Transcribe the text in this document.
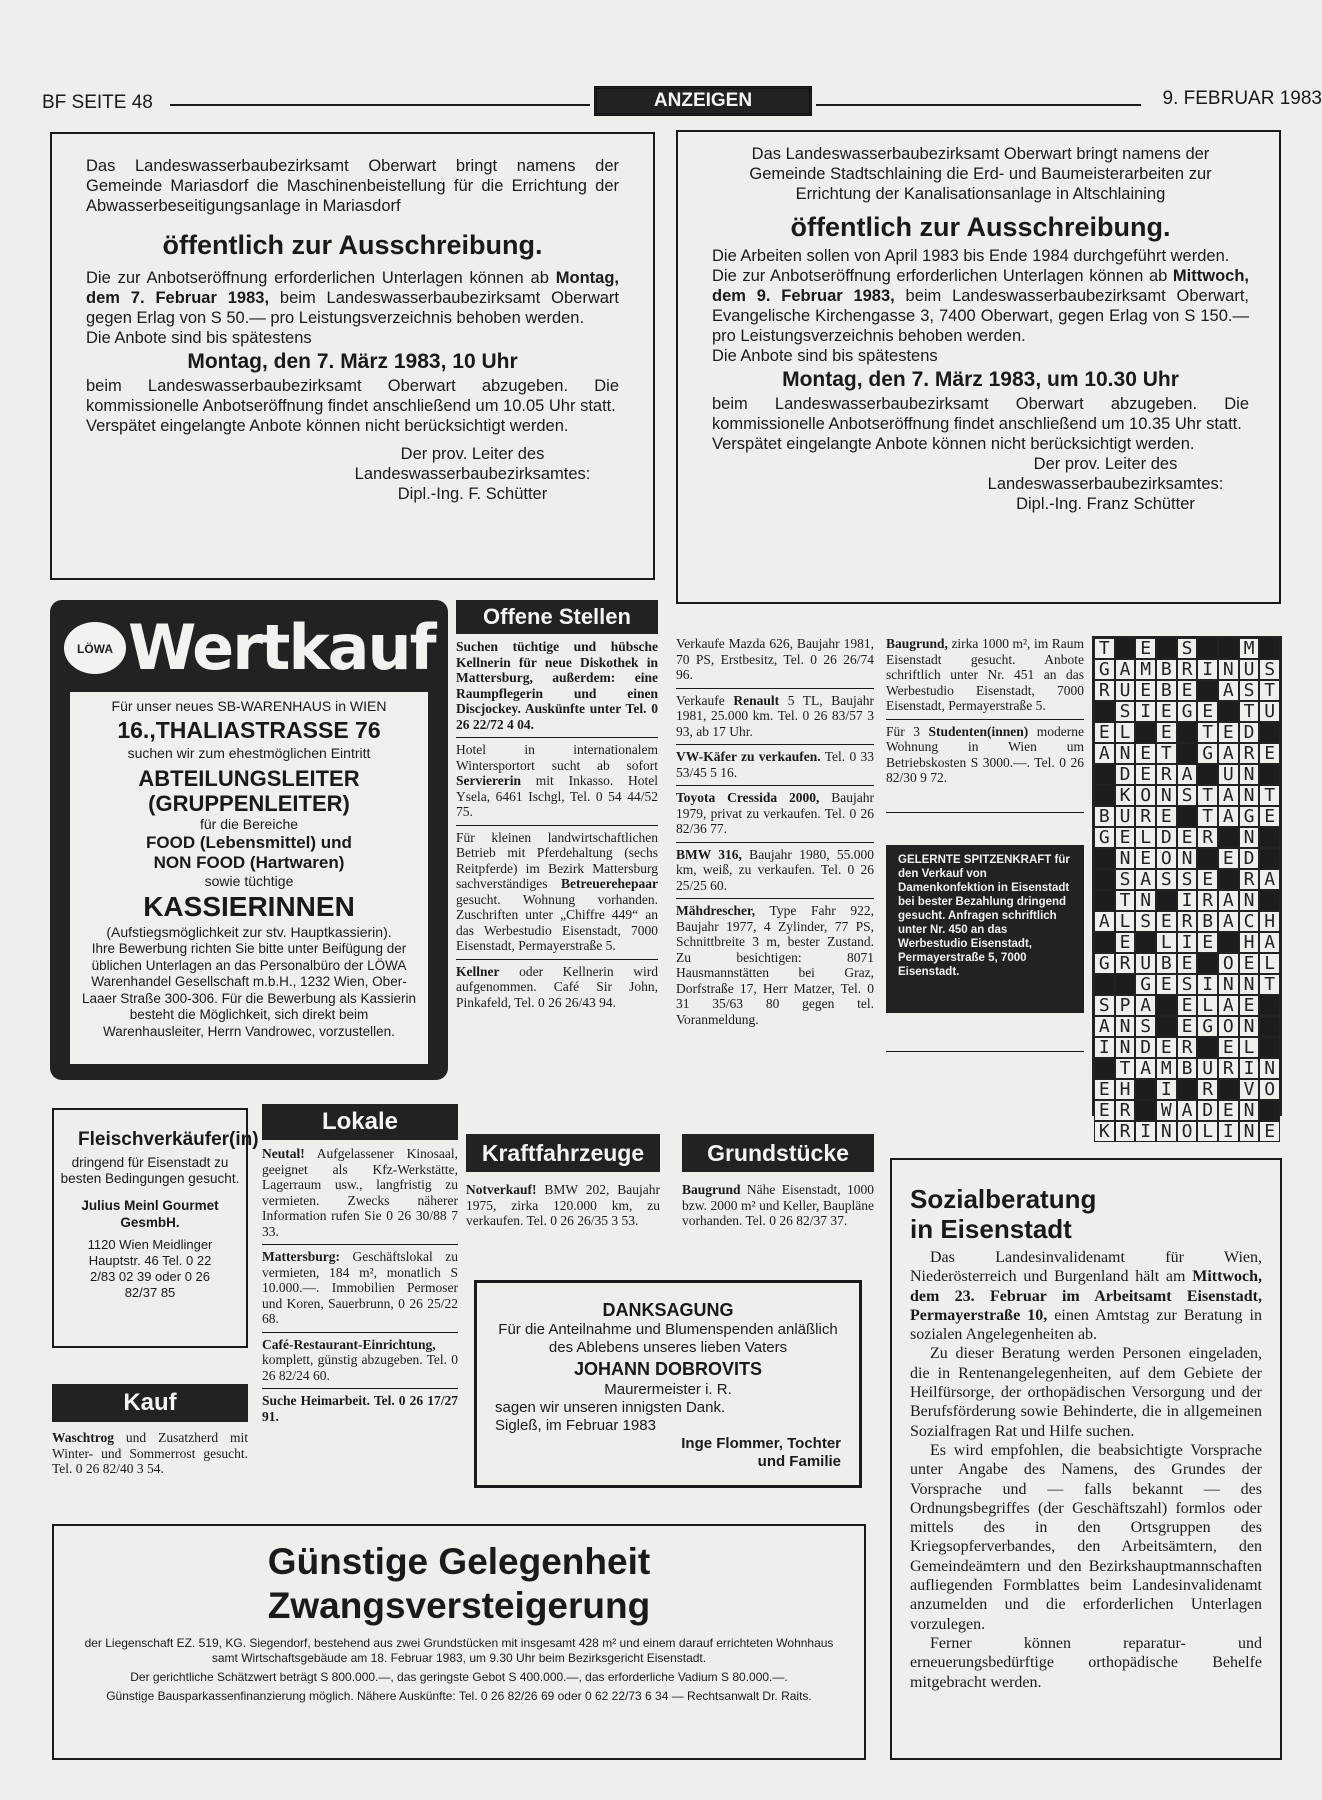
BF SEITE 48	ANZEIGEN	9. FEBRUAR 1983

Das Landeswasserbaubezirksamt Oberwart bringt namens der Gemeinde Mariasdorf die Maschinenbeistellung für die Errichtung der Abwasserbeseitigungsanlage in Mariasdorf

öffentlich zur Ausschreibung.

Die zur Anbotseröffnung erforderlichen Unterlagen können ab Montag, dem 7. Februar 1983, beim Landeswasserbaubezirksamt Oberwart gegen Erlag von S 50.— pro Leistungsverzeichnis behoben werden.

Die Anbote sind bis spätestens

Montag, den 7. März 1983, 10 Uhr

beim Landeswasserbaubezirksamt Oberwart abzugeben. Die kommissionelle Anbotseröffnung findet anschließend um 10.05 Uhr statt.

Verspätet eingelangte Anbote können nicht berücksichtigt werden.

Der prov. Leiter des

Landeswasserbaubezirksamtes:

Dipl.-Ing. F. Schütter

Das Landeswasserbaubezirksamt Oberwart bringt namens der Gemeinde Stadtschlaining die Erd- und Baumeisterarbeiten zur Errichtung der Kanalisationsanlage in Altschlaining

öffentlich zur Ausschreibung.

Die Arbeiten sollen von April 1983 bis Ende 1984 durchgeführt werden.

Die zur Anbotseröffnung erforderlichen Unterlagen können ab Mittwoch, dem 9. Februar 1983, beim Landeswasserbaubezirksamt Oberwart, Evangelische Kirchengasse 3, 7400 Oberwart, gegen Erlag von S 150.— pro Leistungsverzeichnis behoben werden.

Die Anbote sind bis spätestens

Montag, den 7. März 1983, um 10.30 Uhr

beim Landeswasserbaubezirksamt Oberwart abzugeben. Die kommissionelle Anbotseröffnung findet anschließend um 10.35 Uhr statt.

Verspätet eingelangte Anbote können nicht berücksichtigt werden.

Der prov. Leiter des

Landeswasserbaubezirksamtes:

Dipl.-Ing. Franz Schütter

LÖWA Wertkauf

Für unser neues SB-WARENHAUS in WIEN

16.,THALIASTRASSE 76

suchen wir zum ehestmöglichen Eintritt

ABTEILUNGSLEITER

(GRUPPENLEITER)

für die Bereiche

FOOD (Lebensmittel) und

NON FOOD (Hartwaren)

sowie tüchtige

KASSIERINNEN

(Aufstiegsmöglichkeit zur stv. Hauptkassierin).

Ihre Bewerbung richten Sie bitte unter Beifügung der üblichen Unterlagen an das Personalbüro der LÖWA Warenhandel Gesellschaft m.b.H., 1232 Wien, Ober-Laaer Straße 300-306. Für die Bewerbung als Kassierin besteht die Möglichkeit, sich direkt beim Warenhausleiter, Herrn Vandrowec, vorzustellen.

Offene Stellen

Suchen tüchtige und hübsche Kellnerin für neue Diskothek in Mattersburg, außerdem: eine Raumpflegerin und einen Discjockey. Auskünfte unter Tel. 0 26 22/72 4 04.

Hotel in internationalem Wintersportort sucht ab sofort Serviererin mit Inkasso. Hotel Ysela, 6461 Ischgl, Tel. 0 54 44/52 75.

Für kleinen landwirtschaftlichen Betrieb mit Pferdehaltung (sechs Reitpferde) im Bezirk Mattersburg sachverständiges Betreuerehepaar gesucht. Wohnung vorhanden. Zuschriften unter „Chiffre 449“ an das Werbestudio Eisenstadt, 7000 Eisenstadt, Permayerstraße 5.

Kellner oder Kellnerin wird aufgenommen. Café Sir John, Pinkafeld, Tel. 0 26 26/43 94.

Verkaufe Mazda 626, Baujahr 1981, 70 PS, Erstbesitz, Tel. 0 26 26/74 96.

Verkaufe Renault 5 TL, Baujahr 1981, 25.000 km. Tel. 0 26 83/57 3 93, ab 17 Uhr.

VW-Käfer zu verkaufen. Tel. 0 33 53/45 5 16.

Toyota Cressida 2000, Baujahr 1979, privat zu verkaufen. Tel. 0 26 82/36 77.

BMW 316, Baujahr 1980, 55.000 km, weiß, zu verkaufen. Tel. 0 26 25/25 60.

Mähdrescher, Type Fahr 922, Baujahr 1977, 4 Zylinder, 77 PS, Schnittbreite 3 m, bester Zustand. Zu besichtigen: 8071 Hausmannstätten bei Graz, Dorfstraße 17, Herr Matzer, Tel. 0 31 35/63 80 gegen tel. Voranmeldung.

Baugrund, zirka 1000 m², im Raum Eisenstadt gesucht. Anbote schriftlich unter Nr. 451 an das Werbestudio Eisenstadt, 7000 Eisenstadt, Permayerstraße 5.

Für 3 Studenten(innen) moderne Wohnung in Wien um Betriebskosten S 3000.—. Tel. 0 26 82/30 9 72.

GELERNTE SPITZENKRAFT für den Verkauf von Damenkonfektion in Eisenstadt bei bester Bezahlung dringend gesucht. Anfragen schriftlich unter Nr. 450 an das Werbestudio Eisenstadt, Permayerstraße 5, 7000 Eisenstadt.

T E S	M
G A M B R I N U S
R U E B E A S T
S I E G E T U
E L E T E D
A N E T G A R E
D E R A U N
K O N S T A N T
B U R E T A G E
G E L D E R N
N E O N E D
S A S S E R A
T N I R A N
A L S E R B A C H
E L I E H A
G R U B E O E L
G E S I N N T
S P A E L A E
A N S E G O N
I N D E R E L
T A M B U R I N
E H I R V O
E R W A D E N
K R I N O L I N E

Fleischverkäufer(in)

dringend für Eisenstadt zu besten Bedingungen gesucht.

Julius Meinl Gourmet GesmbH.

1120 Wien Meidlinger Hauptstr. 46 Tel. 0 22 2/83 02 39 oder 0 26 82/37 85

Kauf

Waschtrog und Zusatzherd mit Winter- und Sommerrost gesucht. Tel. 0 26 82/40 3 54.

Lokale

Neutal! Aufgelassener Kinosaal, geeignet als Kfz-Werkstätte, Lagerraum usw., langfristig zu vermieten. Zwecks näherer Information rufen Sie 0 26 30/88 7 33.

Mattersburg: Geschäftslokal zu vermieten, 184 m², monatlich S 10.000.—. Immobilien Permoser und Koren, Sauerbrunn, 0 26 25/22 68.

Café-Restaurant-Einrichtung, komplett, günstig abzugeben. Tel. 0 26 82/24 60.

Suche Heimarbeit. Tel. 0 26 17/27 91.

Kraftfahrzeuge

Notverkauf! BMW 202, Baujahr 1975, zirka 120.000 km, zu verkaufen. Tel. 0 26 26/35 3 53.

Grundstücke

Baugrund Nähe Eisenstadt, 1000 bzw. 2000 m² und Keller, Baupläne vorhanden. Tel. 0 26 82/37 37.

DANKSAGUNG

Für die Anteilnahme und Blumenspenden anläßlich des Ablebens unseres lieben Vaters

JOHANN DOBROVITS

Maurermeister i. R.

sagen wir unseren innigsten Dank.

Sigleß, im Februar 1983

Inge Flommer, Tochter und Familie

Günstige Gelegenheit

Zwangsversteigerung

der Liegenschaft EZ. 519, KG. Siegendorf, bestehend aus zwei Grundstücken mit insgesamt 428 m² und einem darauf errichteten Wohnhaus samt Wirtschaftsgebäude am 18. Februar 1983, um 9.30 Uhr beim Bezirksgericht Eisenstadt.

Der gerichtliche Schätzwert beträgt S 800.000.—, das geringste Gebot S 400.000.—, das erforderliche Vadium S 80.000.—.

Günstige Bausparkassenfinanzierung möglich. Nähere Auskünfte: Tel. 0 26 82/26 69 oder 0 62 22/73 6 34 — Rechtsanwalt Dr. Raits.

Sozialberatung

in Eisenstadt

Das Landesinvalidenamt für Wien, Niederösterreich und Burgenland hält am Mittwoch, dem 23. Februar im Arbeitsamt Eisenstadt, Permayerstraße 10, einen Amtstag zur Beratung in sozialen Angelegenheiten ab.

Zu dieser Beratung werden Personen eingeladen, die in Rentenangelegenheiten, auf dem Gebiete der Heilfürsorge, der orthopädischen Versorgung und der Berufsförderung sowie Behinderte, die in allgemeinen Sozialfragen Rat und Hilfe suchen.

Es wird empfohlen, die beabsichtigte Vorsprache unter Angabe des Namens, des Grundes der Vorsprache und — falls bekannt — des Ordnungsbegriffes (der Geschäftszahl) formlos oder mittels des in den Ortsgruppen des Kriegsopferverbandes, den Arbeitsämtern, den Gemeindeämtern und den Bezirkshauptmannschaften aufliegenden Formblattes beim Landesinvalidenamt anzumelden und die erforderlichen Unterlagen vorzulegen.

Ferner können reparatur- und erneuerungsbedürftige orthopädische Behelfe mitgebracht werden.
